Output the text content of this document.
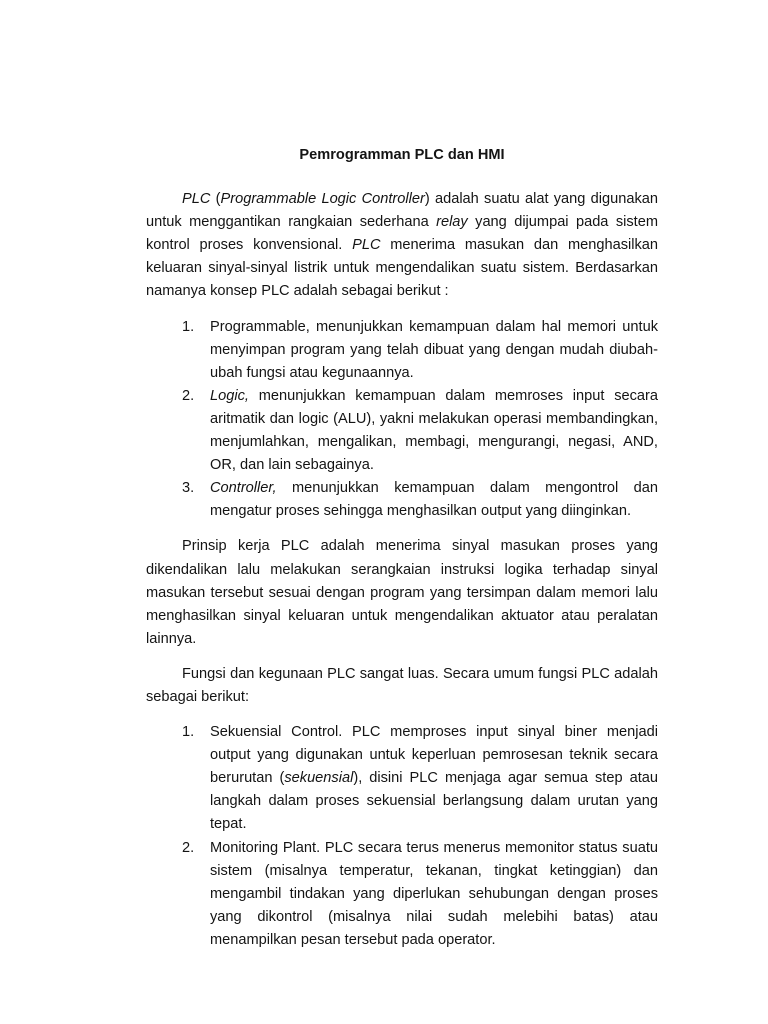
Pemrogramman PLC dan HMI

PLC (Programmable Logic Controller) adalah suatu alat yang digunakan untuk menggantikan rangkaian sederhana relay yang dijumpai pada sistem kontrol proses konvensional. PLC menerima masukan dan menghasilkan keluaran sinyal-sinyal listrik untuk mengendalikan suatu sistem. Berdasarkan namanya konsep PLC adalah sebagai berikut :

1. Programmable, menunjukkan kemampuan dalam hal memori untuk menyimpan program yang telah dibuat yang dengan mudah diubah-ubah fungsi atau kegunaannya.
2. Logic, menunjukkan kemampuan dalam memroses input secara aritmatik dan logic (ALU), yakni melakukan operasi membandingkan, menjumlahkan, mengalikan, membagi, mengurangi, negasi, AND, OR, dan lain sebagainya.
3. Controller, menunjukkan kemampuan dalam mengontrol dan mengatur proses sehingga menghasilkan output yang diinginkan.

Prinsip kerja PLC adalah menerima sinyal masukan proses yang dikendalikan lalu melakukan serangkaian instruksi logika terhadap sinyal masukan tersebut sesuai dengan program yang tersimpan dalam memori lalu menghasilkan sinyal keluaran untuk mengendalikan aktuator atau peralatan lainnya.

Fungsi dan kegunaan PLC sangat luas. Secara umum fungsi PLC adalah sebagai berikut:

1. Sekuensial Control. PLC memproses input sinyal biner menjadi output yang digunakan untuk keperluan pemrosesan teknik secara berurutan (sekuensial), disini PLC menjaga agar semua step atau langkah dalam proses sekuensial berlangsung dalam urutan yang tepat.
2. Monitoring Plant. PLC secara terus menerus memonitor status suatu sistem (misalnya temperatur, tekanan, tingkat ketinggian) dan mengambil tindakan yang diperlukan sehubungan dengan proses yang dikontrol (misalnya nilai sudah melebihi batas) atau menampilkan pesan tersebut pada operator.
